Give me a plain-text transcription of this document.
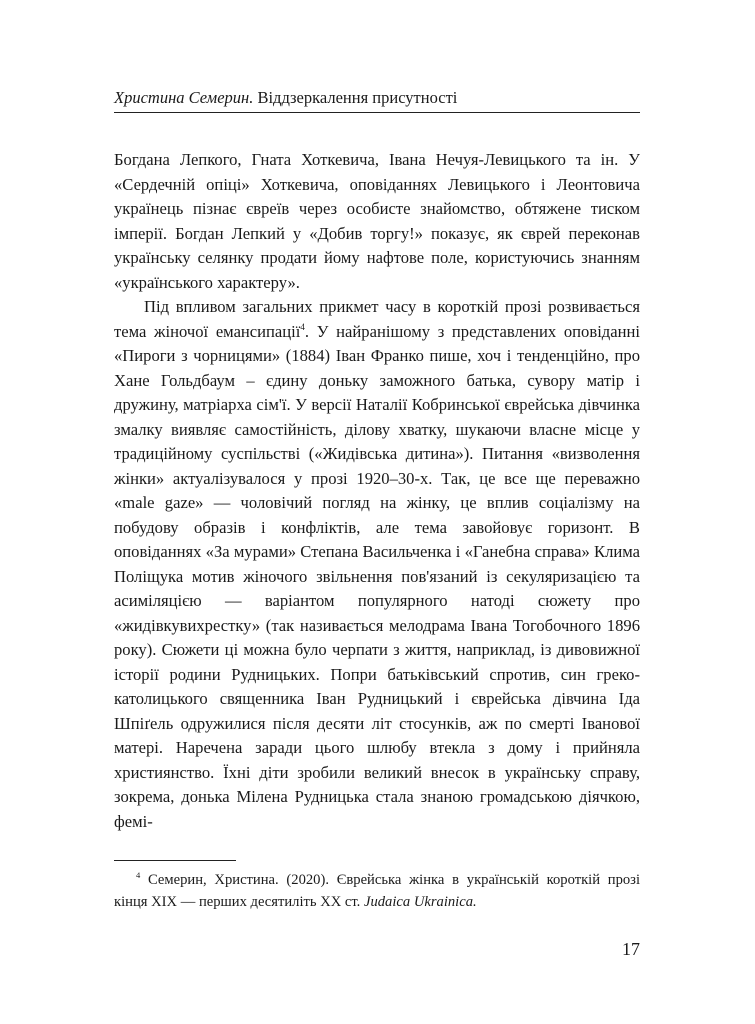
Христина Семерин. Віддзеркалення присутності

Богдана Лепкого, Гната Хоткевича, Івана Нечуя-Левицького та ін. У «Сердечній опіці» Хоткевича, оповіданнях Левицького і Леонтовича українець пізнає євреїв через особисте знайомство, обтяжене тиском імперії. Богдан Лепкий у «Добив торгу!» показує, як єврей переконав українську селянку продати йому нафтове поле, користуючись знанням «українського характеру».

Під впливом загальних прикмет часу в короткій прозі розвивається тема жіночої емансипації$^4$. У найранішому з представлених оповіданні «Пироги з чорницями» (1884) Іван Франко пише, хоч і тенденційно, про Хане Гольдбаум – єдину доньку заможного батька, сувору матір і дружину, матріарха сім'ї. У версії Наталії Кобринської єврейська дівчинка змалку виявляє самостійність, ділову хватку, шукаючи власне місце у традиційному суспільстві («Жидівська дитина»). Питання «визволення жінки» актуалізувалося у прозі 1920–30-х. Так, це все ще переважно «male gaze» — чоловічий погляд на жінку, це вплив соціалізму на побудову образів і конфліктів, але тема завойовує горизонт. В оповіданнях «За мурами» Степана Васильченка і «Ганебна справа» Клима Поліщука мотив жіночого звільнення пов'язаний із секуляризацією та асиміляцією — варіантом популярного натоді сюжету про «жидівкувихрестку» (так називається мелодрама Івана Тогобочного 1896 року). Сюжети ці можна було черпати з життя, наприклад, із дивовижної історії родини Рудницьких. Попри батьківський спротив, син греко-католицького священника Іван Рудницький і єврейська дівчина Іда Шпіґель одружилися після десяти літ стосунків, аж по смерті Іванової матері. Наречена заради цього шлюбу втекла з дому і прийняла християнство. Їхні діти зробили великий внесок в українську справу, зокрема, донька Мілена Рудницька стала знаною громадською діячкою, фемі-

$^4$ Семерин, Христина. (2020). Єврейська жінка в українській короткій прозі кінця ХІХ — перших десятиліть ХХ ст. Judaica Ukrainica.

17
